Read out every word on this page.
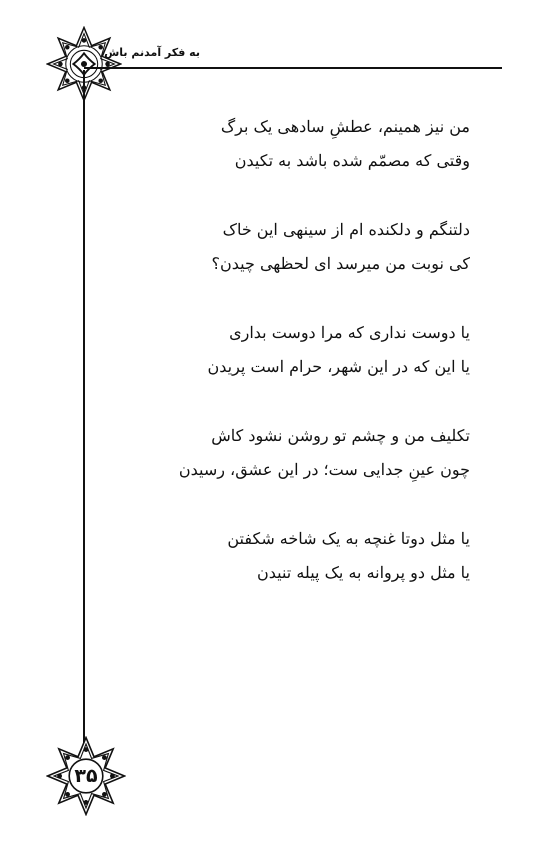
به فکر آمدنم باش
من نیز همینم، عطشِ سادهی یک برگ
وقتی که مصمّم شده باشد به تکیدن
دلتنگم و دلکنده ام از سینهی این خاک
کی نوبت من میرسد ای لحظهی چیدن؟
یا دوست نداری که مرا دوست بداری
یا این که در این شهر، حرام است پریدن
تکلیف من و چشم تو روشن نشود کاش
چون عینِ جدایی ست؛ در این عشق، رسیدن
یا مثل دوتا غنچه به یک شاخه شکفتن
یا مثل دو پروانه به یک پیله تنیدن
۳۵
